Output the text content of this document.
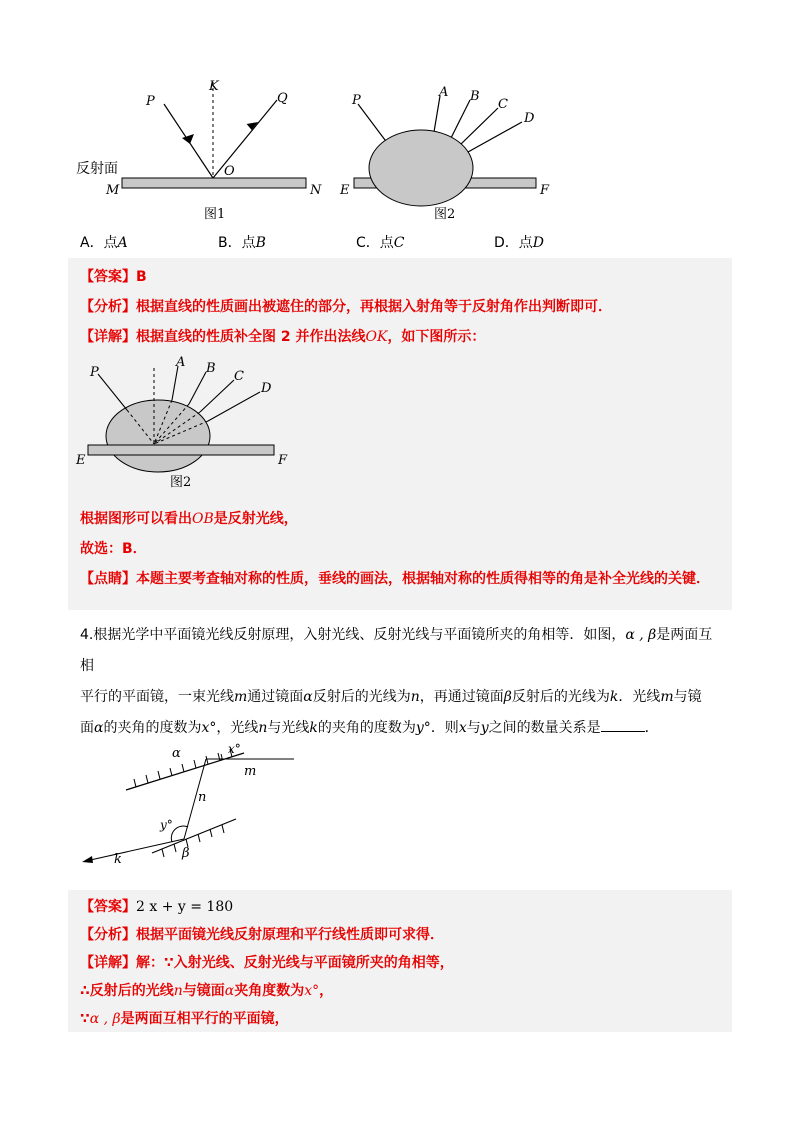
K
P	Q
O
M	N
反射面
图1
P
A B
C
D
E	F
图2
A．点A	B．点B	C．点C	D．点D
【答案】B
【分析】根据直线的性质画出被遮住的部分，再根据入射角等于反射角作出判断即可．
【详解】根据直线的性质补全图 2 并作出法线OK，如下图所示：
P
A B
C
D
E	F
图2
根据图形可以看出OB是反射光线，
故选：B．
【点睛】本题主要考查轴对称的性质，垂线的画法，根据轴对称的性质得相等的角是补全光线的关键．
4.根据光学中平面镜光线反射原理，入射光线、反射光线与平面镜所夹的角相等．如图，α , β是两面互相
平行的平面镜，一束光线m通过镜面α反射后的光线为n，再通过镜面β反射后的光线为k．光线m与镜
面α的夹角的度数为x°，光线n与光线k的夹角的度数为y°．则x与y之间的数量关系是	．
α	x°
m
n
y°
k	β
【答案】2 x + y = 180
【分析】根据平面镜光线反射原理和平行线性质即可求得．
【详解】解：∵入射光线、反射光线与平面镜所夹的角相等，
∴反射后的光线n与镜面α夹角度数为x°，
∵α , β是两面互相平行的平面镜，
